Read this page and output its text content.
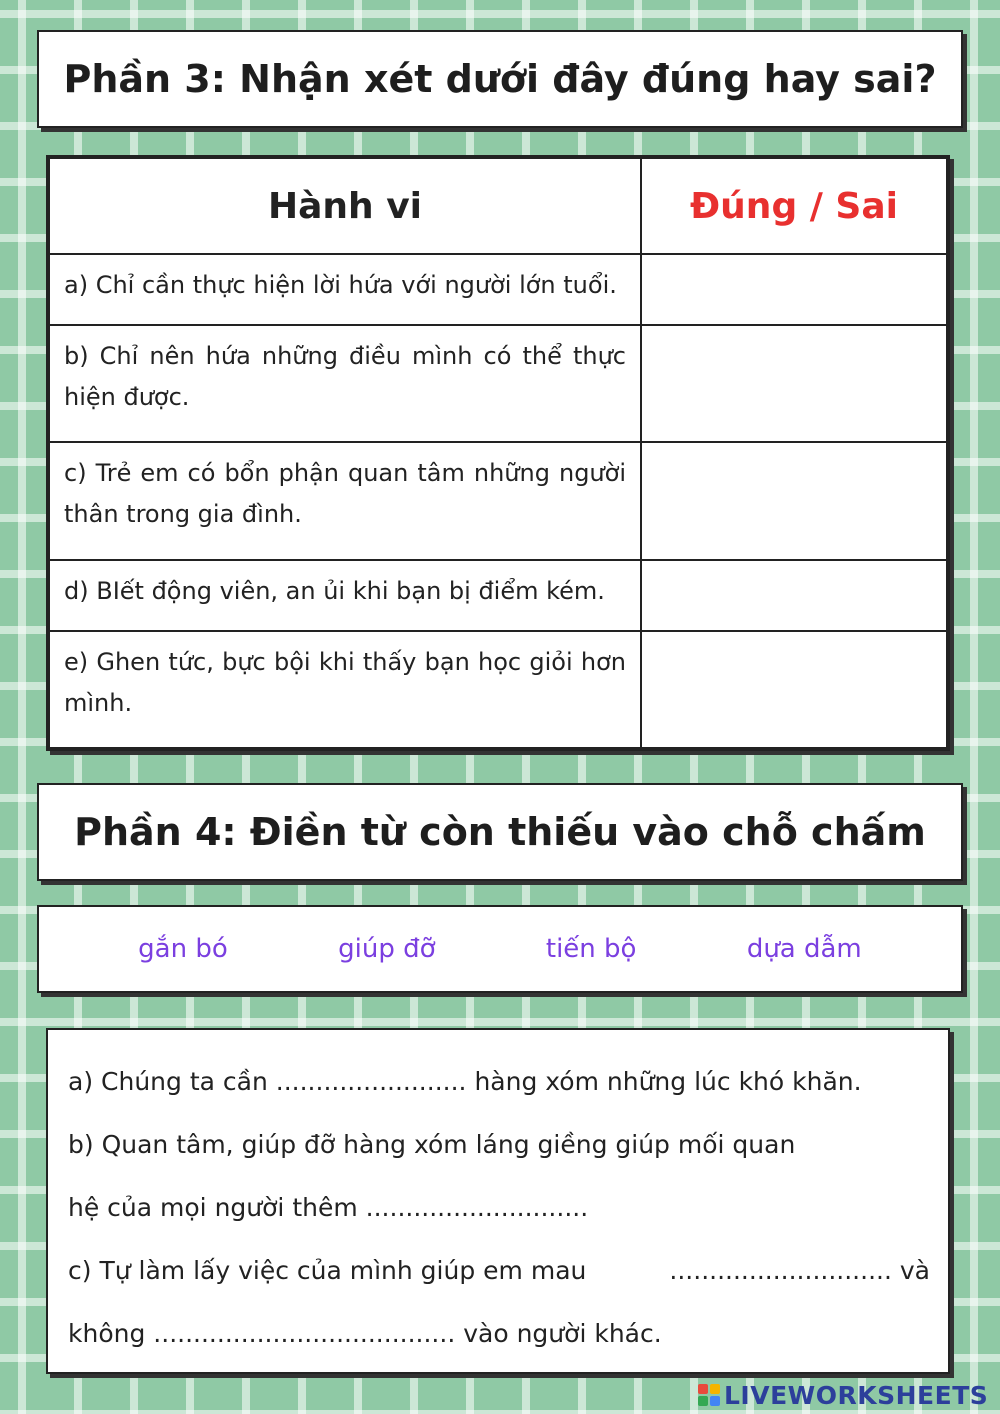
Phần 3: Nhận xét dưới đây đúng hay sai?
Hành vi	Đúng / Sai
a) Chỉ cần thực hiện lời hứa với người lớn tuổi.	
b) Chỉ nên hứa những điều mình có thể thực hiện được.	
c) Trẻ em có bổn phận quan tâm những người thân trong gia đình.	
d) BIết động viên, an ủi khi bạn bị điểm kém.	
e) Ghen tức, bực bội khi thấy bạn học giỏi hơn mình.	
Phần 4: Điền từ còn thiếu vào chỗ chấm
gắn bó	giúp đỡ	tiến bộ	dựa dẫm

a) Chúng ta cần ........................ hàng xóm những lúc khó khăn.

b) Quan tâm, giúp đỡ hàng xóm láng giềng giúp mối quan

hệ của mọi người thêm ............................

c) Tự làm lấy việc của mình giúp em mau	............................ và

không ...................................... vào người khác.

LIVEWORKSHEETS
